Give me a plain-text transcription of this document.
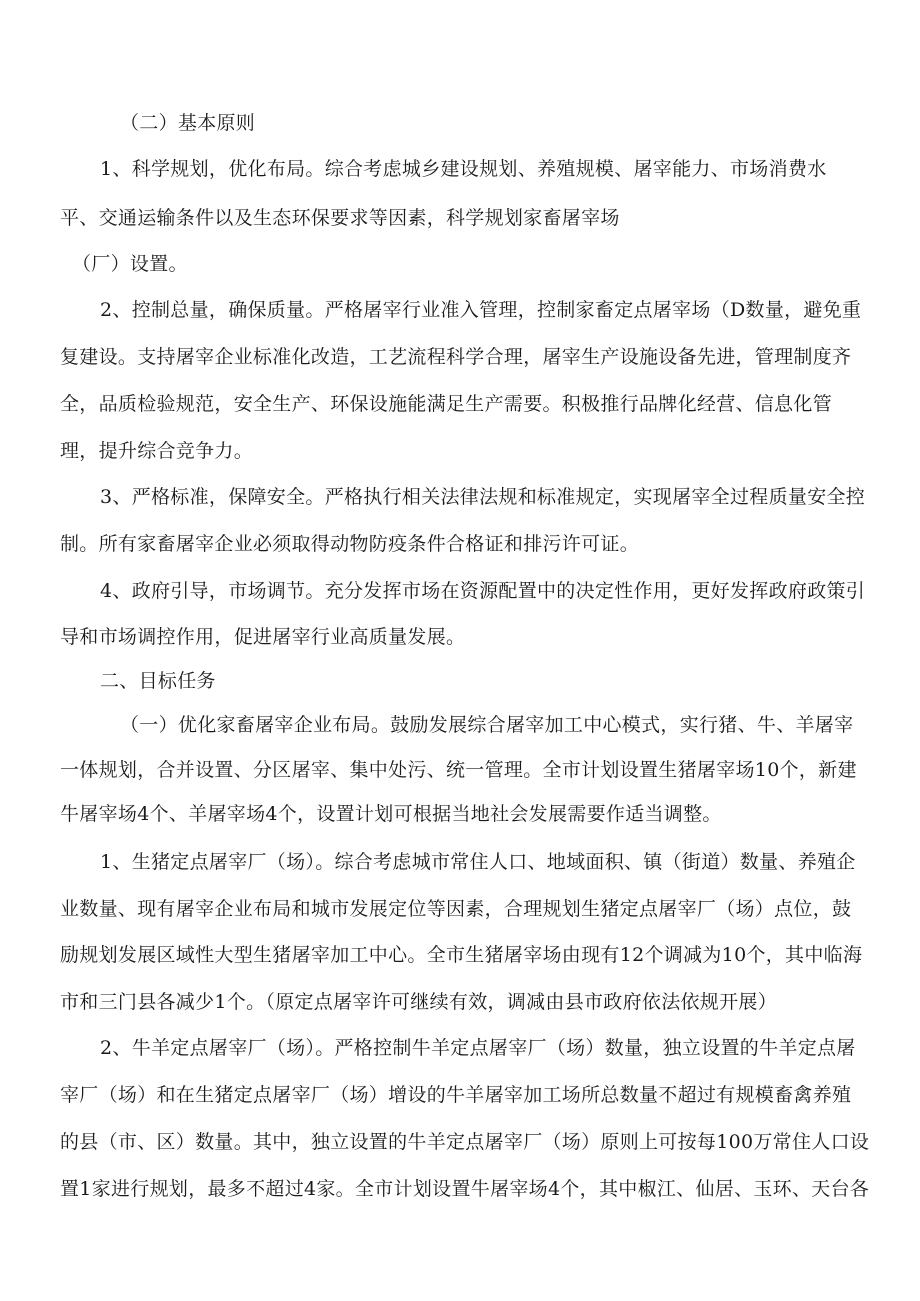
（二）基本原则
1、科学规划，优化布局。综合考虑城乡建设规划、养殖规模、屠宰能力、市场消费水
平、交通运输条件以及生态环保要求等因素，科学规划家畜屠宰场
（厂）设置。
2、控制总量，确保质量。严格屠宰行业准入管理，控制家畜定点屠宰场（D数量，避免重
复建设。支持屠宰企业标准化改造，工艺流程科学合理，屠宰生产设施设备先进，管理制度齐
全，品质检验规范，安全生产、环保设施能满足生产需要。积极推行品牌化经营、信息化管
理，提升综合竞争力。
3、严格标准，保障安全。严格执行相关法律法规和标准规定，实现屠宰全过程质量安全控
制。所有家畜屠宰企业必须取得动物防疫条件合格证和排污许可证。
4、政府引导，市场调节。充分发挥市场在资源配置中的决定性作用，更好发挥政府政策引
导和市场调控作用，促进屠宰行业高质量发展。
二、目标任务
（一）优化家畜屠宰企业布局。鼓励发展综合屠宰加工中心模式，实行猪、牛、羊屠宰
一体规划，合并设置、分区屠宰、集中处污、统一管理。全市计划设置生猪屠宰场10个，新建
牛屠宰场4个、羊屠宰场4个，设置计划可根据当地社会发展需要作适当调整。
1、生猪定点屠宰厂（场）。综合考虑城市常住人口、地域面积、镇（街道）数量、养殖企
业数量、现有屠宰企业布局和城市发展定位等因素，合理规划生猪定点屠宰厂（场）点位，鼓
励规划发展区域性大型生猪屠宰加工中心。全市生猪屠宰场由现有12个调减为10个，其中临海
市和三门县各减少1个。（原定点屠宰许可继续有效，调减由县市政府依法依规开展）
2、牛羊定点屠宰厂（场）。严格控制牛羊定点屠宰厂（场）数量，独立设置的牛羊定点屠
宰厂（场）和在生猪定点屠宰厂（场）增设的牛羊屠宰加工场所总数量不超过有规模畜禽养殖
的县（市、区）数量。其中，独立设置的牛羊定点屠宰厂（场）原则上可按每100万常住人口设
置1家进行规划，最多不超过4家。全市计划设置牛屠宰场4个，其中椒江、仙居、玉环、天台各
